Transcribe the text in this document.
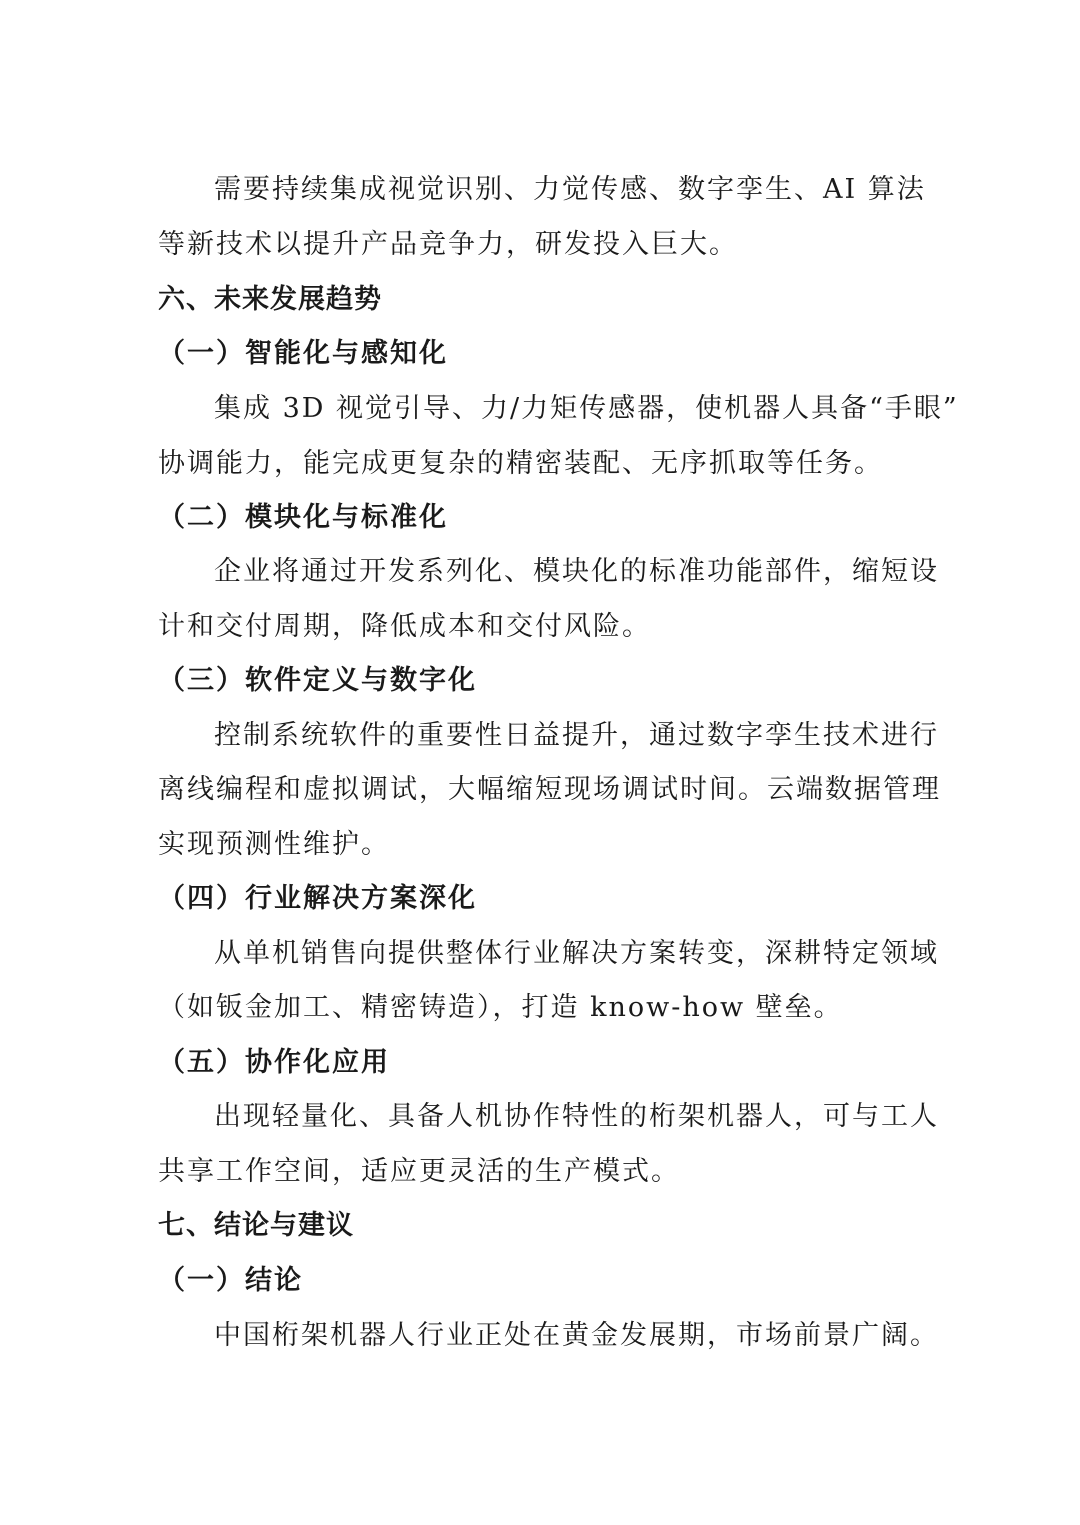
需要持续集成视觉识别、力觉传感、数字孪生、AI 算法
等新技术以提升产品竞争力，研发投入巨大。
六、未来发展趋势
（一）智能化与感知化
集成 3D 视觉引导、力/力矩传感器，使机器人具备“手眼”
协调能力，能完成更复杂的精密装配、无序抓取等任务。
（二）模块化与标准化
企业将通过开发系列化、模块化的标准功能部件，缩短设
计和交付周期，降低成本和交付风险。
（三）软件定义与数字化
控制系统软件的重要性日益提升，通过数字孪生技术进行
离线编程和虚拟调试，大幅缩短现场调试时间。云端数据管理
实现预测性维护。
（四）行业解决方案深化
从单机销售向提供整体行业解决方案转变，深耕特定领域
（如钣金加工、精密铸造），打造 know-how 壁垒。
（五）协作化应用
出现轻量化、具备人机协作特性的桁架机器人，可与工人
共享工作空间，适应更灵活的生产模式。
七、结论与建议
（一）结论
中国桁架机器人行业正处在黄金发展期，市场前景广阔。
